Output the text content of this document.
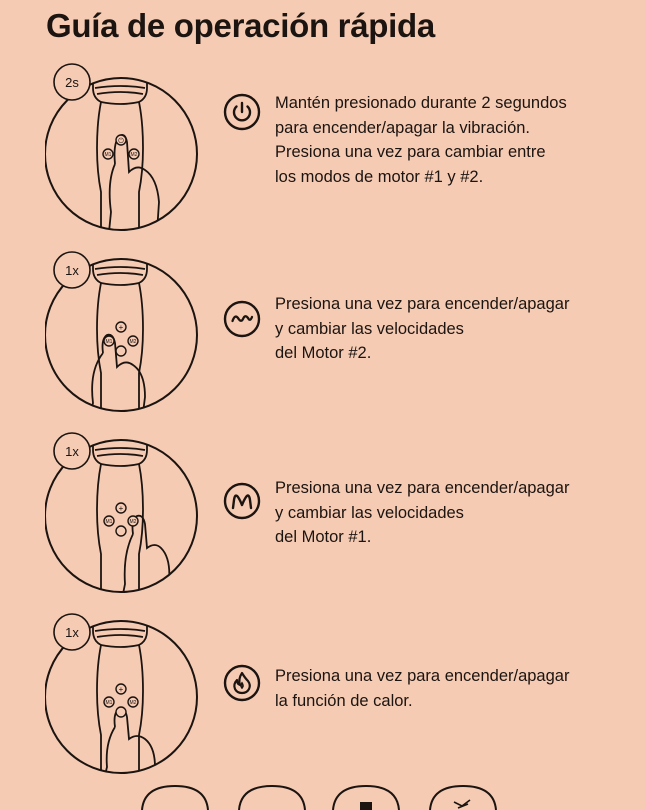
Guía de operación rápida
⏻
M1	M2
2s

Mantén presionado durante 2 segundos

para encender/apagar la vibración.

Presiona una vez para cambiar entre

los modos de motor #1 y #2.

+
M1	M2
1x

Presiona una vez para encender/apagar

y cambiar las velocidades

del Motor #2.

+
M1	M2
1x

Presiona una vez para encender/apagar

y cambiar las velocidades

del Motor #1.

+
M1	M2
1x

Presiona una vez para encender/apagar

la función de calor.
